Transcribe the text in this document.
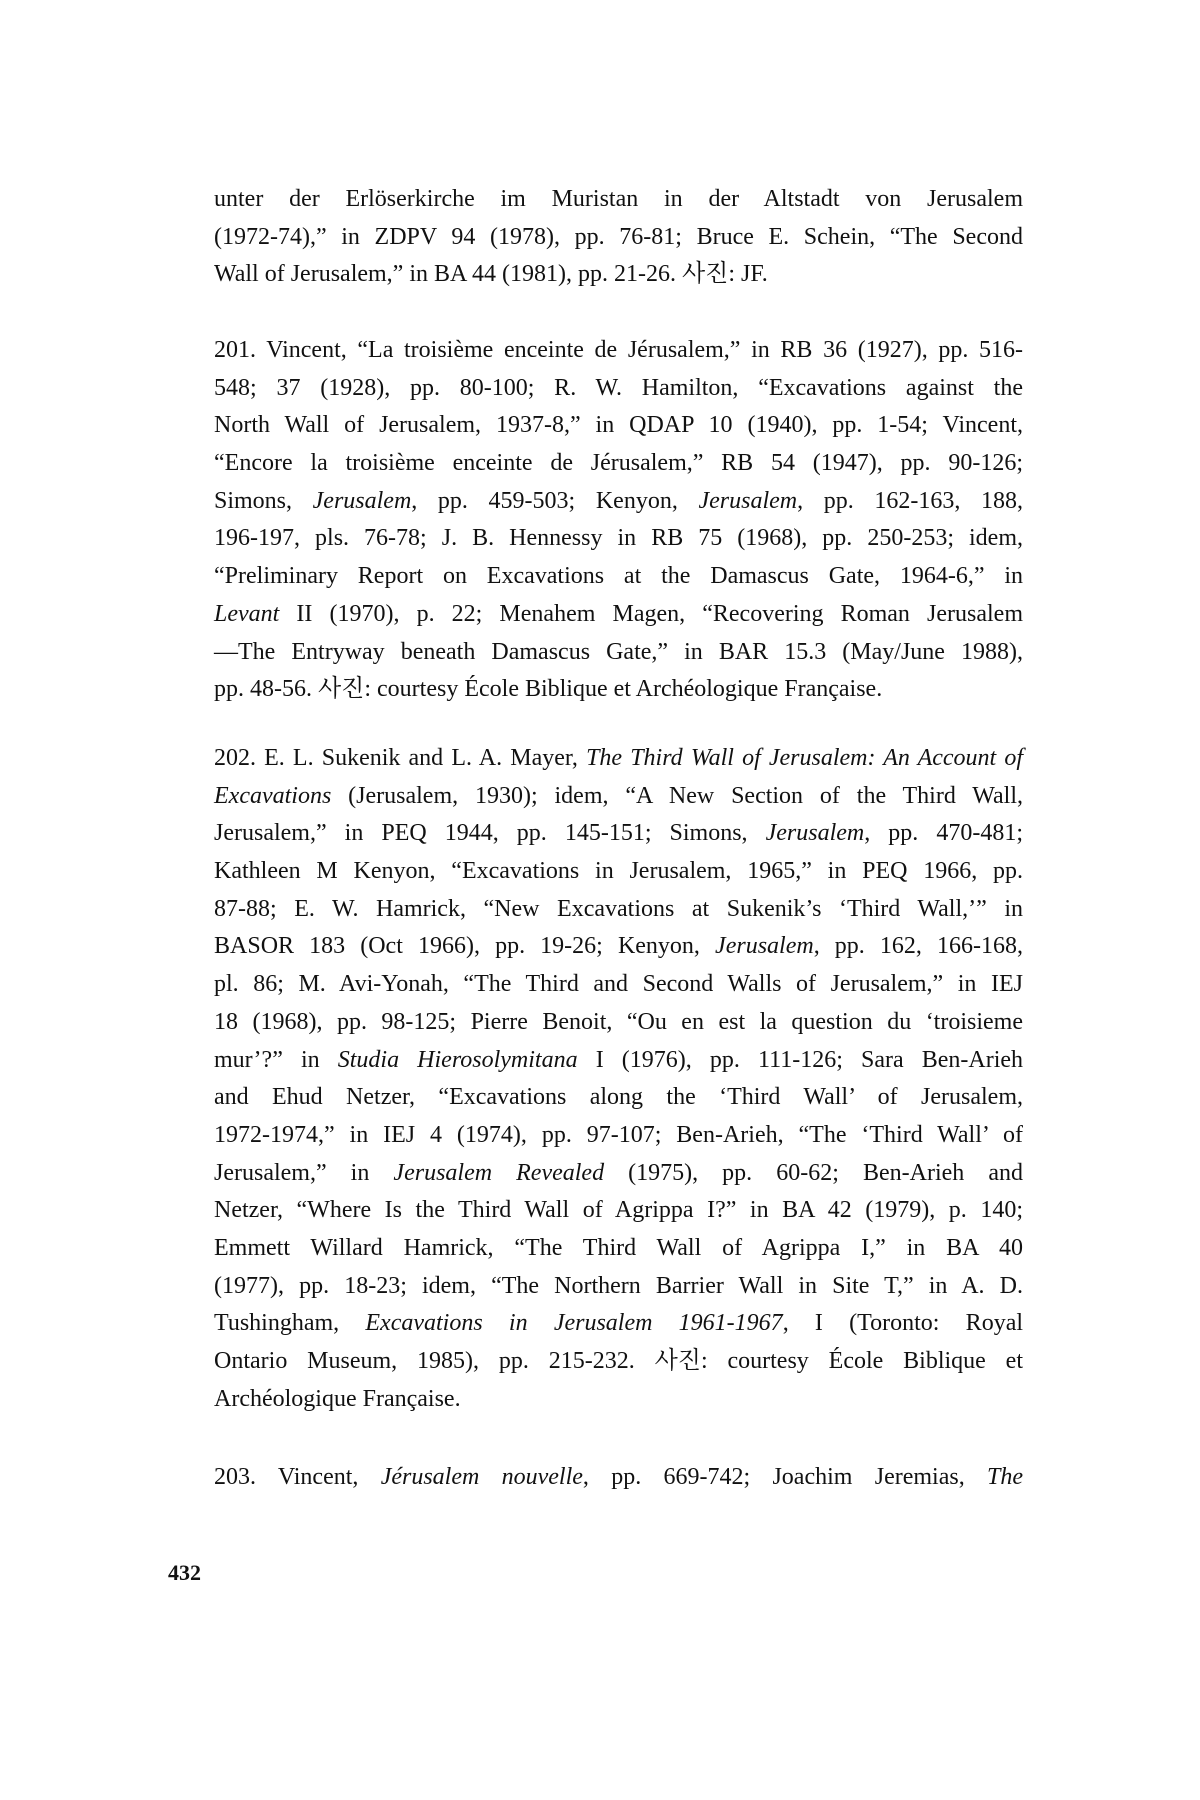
unter der Erlöserkirche im Muristan in der Altstadt von Jerusalem
(1972-74),” in ZDPV 94 (1978), pp. 76-81; Bruce E. Schein, “The Second
Wall of Jerusalem,” in BA 44 (1981), pp. 21-26. 사진: JF.
201. Vincent, “La troisième enceinte de Jérusalem,” in RB 36 (1927), pp. 516-
548; 37 (1928), pp. 80-100; R. W. Hamilton, “Excavations against the
North Wall of Jerusalem, 1937-8,” in QDAP 10 (1940), pp. 1-54; Vincent,
“Encore la troisième enceinte de Jérusalem,” RB 54 (1947), pp. 90-126;
Simons, Jerusalem, pp. 459-503; Kenyon, Jerusalem, pp. 162-163, 188,
196-197, pls. 76-78; J. B. Hennessy in RB 75 (1968), pp. 250-253; idem,
“Preliminary Report on Excavations at the Damascus Gate, 1964-6,” in
Levant II (1970), p. 22; Menahem Magen, “Recovering Roman Jerusalem
—The Entryway beneath Damascus Gate,” in BAR 15.3 (May/June 1988),
pp. 48-56. 사진: courtesy École Biblique et Archéologique Française.
202. E. L. Sukenik and L. A. Mayer, The Third Wall of Jerusalem: An Account of
Excavations (Jerusalem, 1930); idem, “A New Section of the Third Wall,
Jerusalem,” in PEQ 1944, pp. 145-151; Simons, Jerusalem, pp. 470-481;
Kathleen M Kenyon, “Excavations in Jerusalem, 1965,” in PEQ 1966, pp.
87-88; E. W. Hamrick, “New Excavations at Sukenik’s ‘Third Wall,’” in
BASOR 183 (Oct 1966), pp. 19-26; Kenyon, Jerusalem, pp. 162, 166-168,
pl. 86; M. Avi-Yonah, “The Third and Second Walls of Jerusalem,” in IEJ
18 (1968), pp. 98-125; Pierre Benoit, “Ou en est la question du ‘troisieme
mur’?” in Studia Hierosolymitana I (1976), pp. 111-126; Sara Ben-Arieh
and Ehud Netzer, “Excavations along the ‘Third Wall’ of Jerusalem,
1972-1974,” in IEJ 4 (1974), pp. 97-107; Ben-Arieh, “The ‘Third Wall’ of
Jerusalem,” in Jerusalem Revealed (1975), pp. 60-62; Ben-Arieh and
Netzer, “Where Is the Third Wall of Agrippa I?” in BA 42 (1979), p. 140;
Emmett Willard Hamrick, “The Third Wall of Agrippa I,” in BA 40
(1977), pp. 18-23; idem, “The Northern Barrier Wall in Site T,” in A. D.
Tushingham, Excavations in Jerusalem 1961-1967, I (Toronto: Royal
Ontario Museum, 1985), pp. 215-232. 사진: courtesy École Biblique et
Archéologique Française.
203. Vincent, Jérusalem nouvelle, pp. 669-742; Joachim Jeremias, The
432
